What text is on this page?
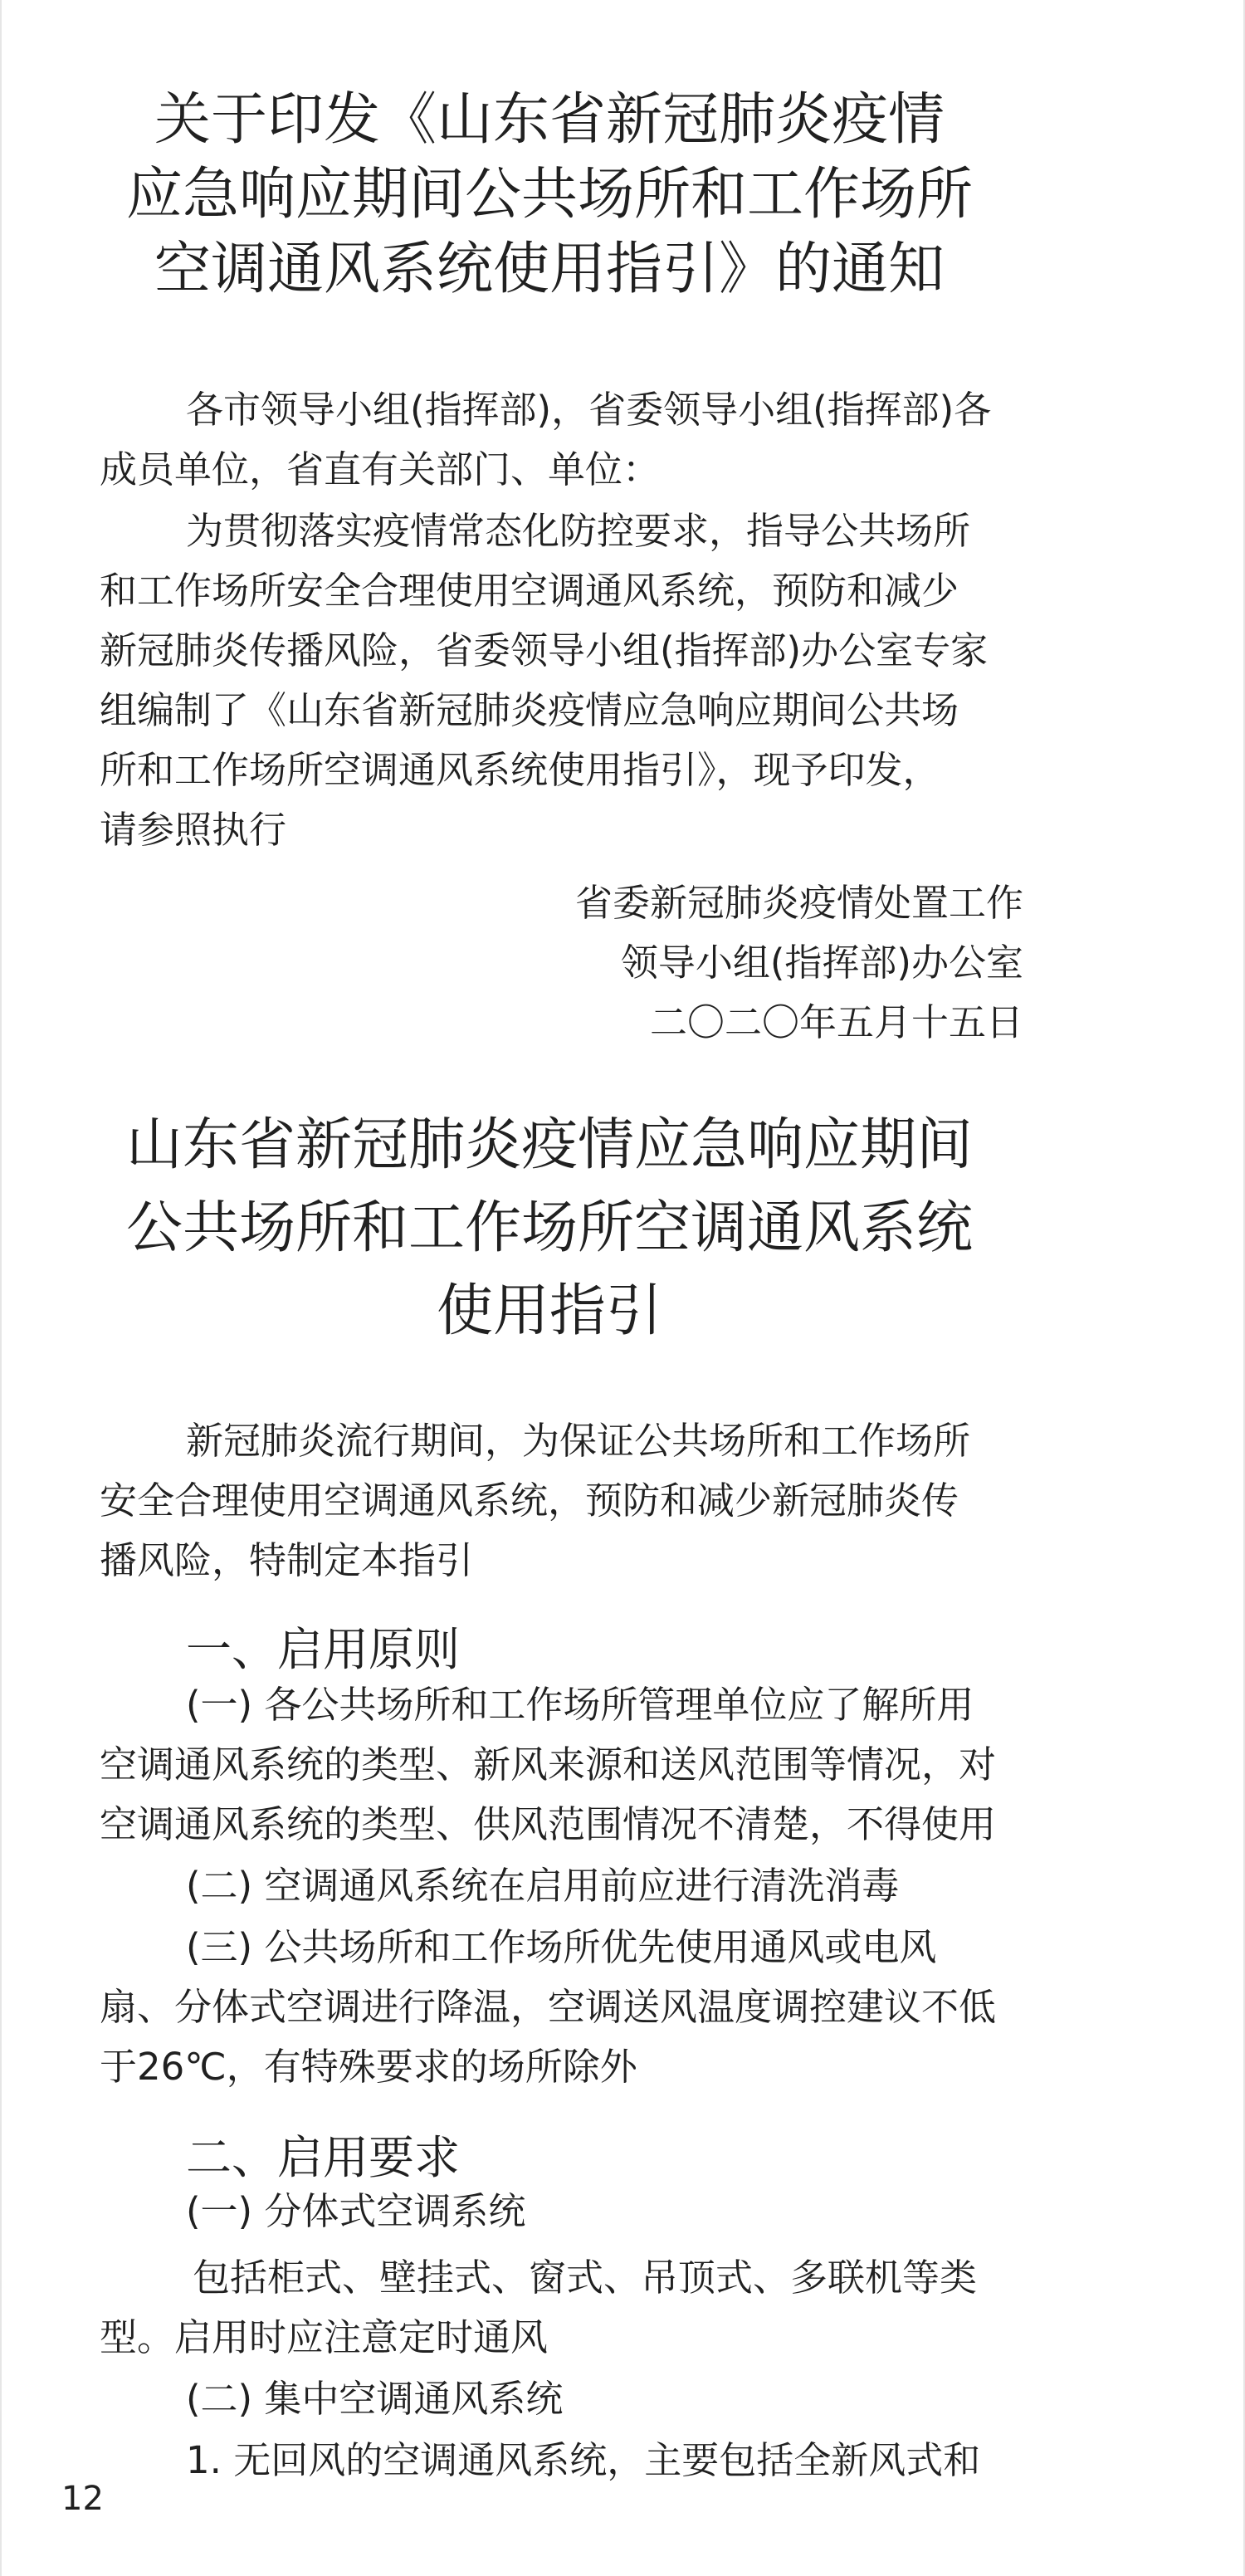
关于印发《山东省新冠肺炎疫情
应急响应期间公共场所和工作场所
空调通风系统使用指引》的通知
各市领导小组(指挥部)，省委领导小组(指挥部)各
成员单位，省直有关部门、单位：
为贯彻落实疫情常态化防控要求，指导公共场所
和工作场所安全合理使用空调通风系统，预防和减少
新冠肺炎传播风险，省委领导小组(指挥部)办公室专家
组编制了《山东省新冠肺炎疫情应急响应期间公共场
所和工作场所空调通风系统使用指引》，现予印发，
请参照执行
省委新冠肺炎疫情处置工作
领导小组(指挥部)办公室
二〇二〇年五月十五日
山东省新冠肺炎疫情应急响应期间
公共场所和工作场所空调通风系统
使用指引
新冠肺炎流行期间，为保证公共场所和工作场所
安全合理使用空调通风系统，预防和减少新冠肺炎传
播风险，特制定本指引
一、启用原则
(一) 各公共场所和工作场所管理单位应了解所用
空调通风系统的类型、新风来源和送风范围等情况，对
空调通风系统的类型、供风范围情况不清楚，不得使用
(二) 空调通风系统在启用前应进行清洗消毒
(三) 公共场所和工作场所优先使用通风或电风
扇、分体式空调进行降温，空调送风温度调控建议不低
于26℃，有特殊要求的场所除外
二、启用要求
(一) 分体式空调系统
包括柜式、壁挂式、窗式、吊顶式、多联机等类
型。启用时应注意定时通风
(二) 集中空调通风系统
1. 无回风的空调通风系统，主要包括全新风式和
12
